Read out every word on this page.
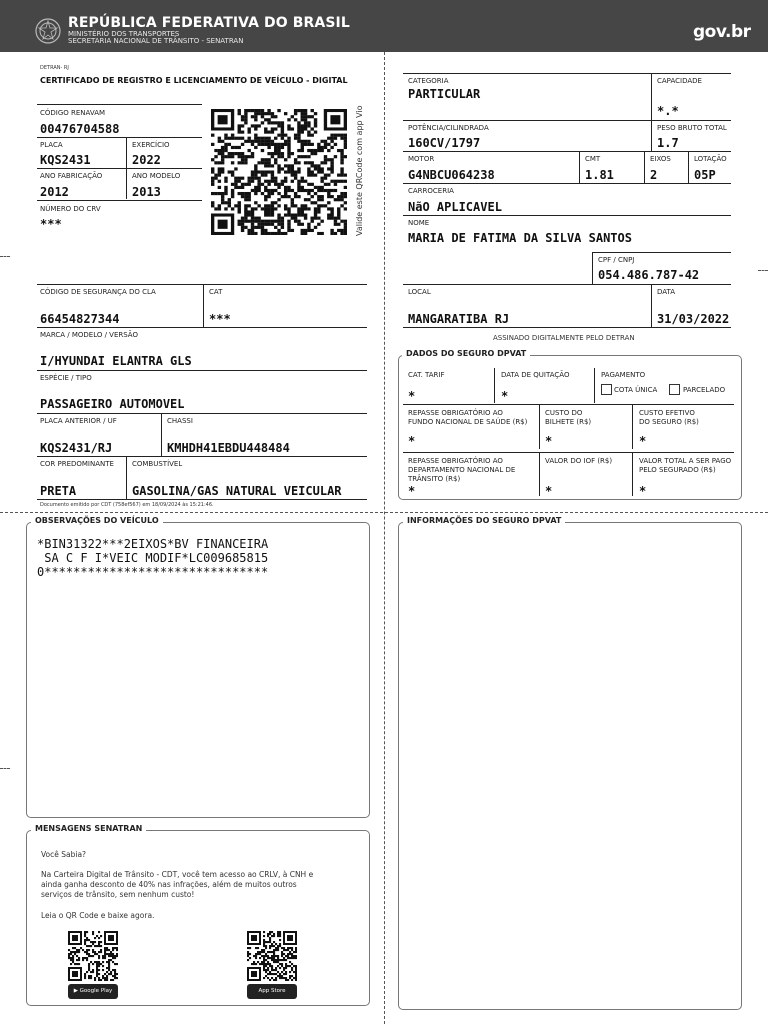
REPÚBLICA FEDERATIVA DO BRASIL
MINISTÉRIO DOS TRANSPORTES
SECRETARIA NACIONAL DE TRÂNSITO - SENATRAN	gov.br
DETRAN- RJ
CERTIFICADO DE REGISTRO E LICENCIAMENTO DE VEÍCULO - DIGITAL
CÓDIGO RENAVAM
00476704588
PLACA
KQS2431
EXERCÍCIO
2022
ANO FABRICAÇÃO
2012
ANO MODELO
2013
NÚMERO DO CRV
***	Valide este QRCode com app Vio
CÓDIGO DE SEGURANÇA DO CLA
66454827344
CAT
***
MARCA / MODELO / VERSÃO
I/HYUNDAI ELANTRA GLS
ESPÉCIE / TIPO
PASSAGEIRO AUTOMOVEL
PLACA ANTERIOR / UF
KQS2431/RJ
CHASSI
KMHDH41EBDU448484
COR PREDOMINANTE
PRETA
COMBUSTÍVEL
GASOLINA/GAS NATURAL VEICULAR
Documento emitido por CDT (758ef567) em 18/09/2024 às 15:21:46.
CATEGORIA
PARTICULAR
CAPACIDADE
*.*
POTÊNCIA/CILINDRADA
160CV/1797
PESO BRUTO TOTAL
1.7
MOTOR
G4NBCU064238
CMT
1.81
EIXOS
2
LOTAÇÃO
05P
CARROCERIA
NãO APLICAVEL
NOME
MARIA DE FATIMA DA SILVA SANTOS
CPF / CNPJ
054.486.787-42
LOCAL
MANGARATIBA RJ
DATA
31/03/2022
ASSINADO DIGITALMENTE PELO DETRAN
DADOS DO SEGURO DPVAT
CAT. TARIF
*
DATA DE QUITAÇÃO
*
PAGAMENTO
COTA ÚNICA	PARCELADO
REPASSE OBRIGATÓRIO AO
FUNDO NACIONAL DE SAÚDE (R$)
*
CUSTO DO
BILHETE (R$)
*
CUSTO EFETIVO
DO SEGURO (R$)
*
REPASSE OBRIGATÓRIO AO
DEPARTAMENTO NACIONAL DE
TRÂNSITO (R$)
*
VALOR DO IOF (R$)
*
VALOR TOTAL A SER PAGO
PELO SEGURADO (R$)
*
OBSERVAÇÕES DO VEÍCULO
*BIN31322***2EIXOS*BV FINANCEIRA
SA C F I*VEIC MODIF*LC009685815
0*******************************
INFORMAÇÕES DO SEGURO DPVAT
MENSAGENS SENATRAN
Você Sabia?
Na Carteira Digital de Trânsito - CDT, você tem acesso ao CRLV, à CNH e
ainda ganha desconto de 40% nas infrações, além de muitos outros
serviços de trânsito, sem nenhum custo!
Leia o QR Code e baixe agora.
▶ Google Play	App Store
